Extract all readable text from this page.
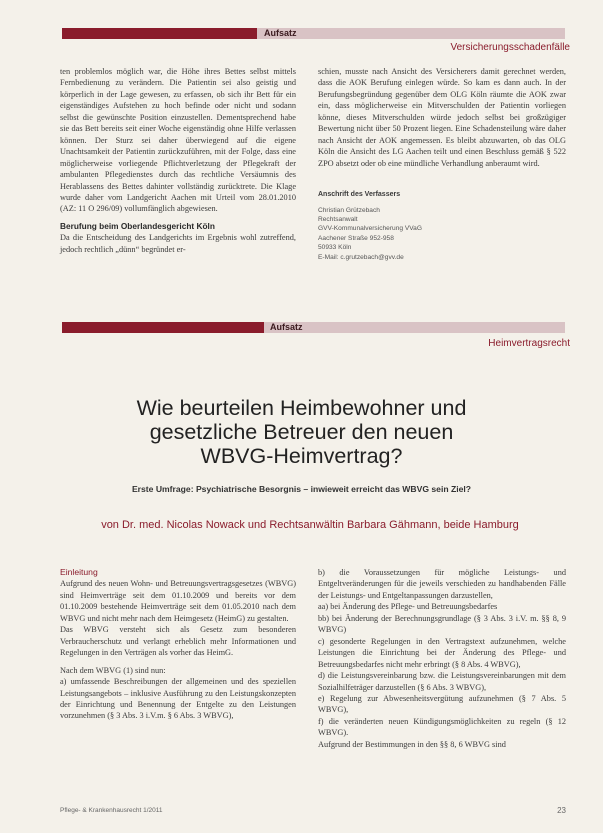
Aufsatz
Versicherungsschadenfälle

ten problemlos möglich war, die Höhe ihres Bettes selbst mittels Fernbedienung zu verändern. Die Patientin sei also geistig und körperlich in der Lage gewesen, zu erfassen, ob sich ihr Bett für ein eigenständiges Aufstehen zu hoch befinde oder nicht und sodann selbst die gewünschte Position einzustellen. Dementsprechend habe sie das Bett bereits seit einer Woche eigenständig ohne Hilfe verlassen können. Der Sturz sei daher überwiegend auf die eigene Unachtsamkeit der Patientin zurückzuführen, mit der Folge, dass eine möglicherweise vorliegende Pflichtverletzung der Pflegekraft der ambulanten Pflegedienstes durch das rechtliche Versäumnis des Herablassens des Bettes dahinter vollständig zurücktrete. Die Klage wurde daher vom Landgericht Aachen mit Urteil vom 28.01.2010 (AZ: 11 O 296/09) vollumfänglich abgewiesen.

Berufung beim Oberlandesgericht Köln

Da die Entscheidung des Landgerichts im Ergebnis wohl zutreffend, jedoch rechtlich „dünn“ begründet er-

schien, musste nach Ansicht des Versicherers damit gerechnet werden, dass die AOK Berufung einlegen würde. So kam es dann auch. In der Berufungsbegründung gegenüber dem OLG Köln räumte die AOK zwar ein, dass möglicherweise ein Mitverschulden der Patientin vorliegen könne, dieses Mitverschulden würde jedoch selbst bei großzügiger Bewertung nicht über 50 Prozent liegen. Eine Schadensteilung wäre daher nach Ansicht der AOK angemessen. Es bleibt abzuwarten, ob das OLG Köln die Ansicht des LG Aachen teilt und einen Beschluss gemäß § 522 ZPO absetzt oder ob eine mündliche Verhandlung anberaumt wird.

Anschrift des Verfassers
Christian Grützebach
Rechtsanwalt
GVV-Kommunalversicherung VVaG
Aachener Straße 952-958
50933 Köln
E-Mail: c.grutzebach@gvv.de
Aufsatz
Heimvertragsrecht
Wie beurteilen Heimbewohner und
gesetzliche Betreuer den neuen
WBVG-Heimvertrag?
Erste Umfrage: Psychiatrische Besorgnis – inwieweit erreicht das WBVG sein Ziel?
von Dr. med. Nicolas Nowack und Rechtsanwältin Barbara Gähmann, beide Hamburg

Einleitung

Aufgrund des neuen Wohn- und Betreuungsvertragsgesetzes (WBVG) sind Heimverträge seit dem 01.10.2009 und bereits vor dem 01.10.2009 bestehende Heimverträge seit dem 01.05.2010 nach dem WBVG und nicht mehr nach dem Heimgesetz (HeimG) zu gestalten.

Das WBVG versteht sich als Gesetz zum besonderen Verbraucherschutz und verlangt erheblich mehr Informationen und Regelungen in den Verträgen als vorher das HeimG.

Nach dem WBVG (1) sind nun:

a) umfassende Beschreibungen der allgemeinen und des speziellen Leistungsangebots – inklusive Ausführung zu den Leistungskonzepten der Einrichtung und Benennung der Entgelte zu den Leistungen vorzunehmen (§ 3 Abs. 3 i.V.m. § 6 Abs. 3 WBVG),

b) die Voraussetzungen für mögliche Leistungs- und Entgeltveränderungen für die jeweils verschieden zu handhabenden Fälle der Leistungs- und Entgeltanpassungen darzustellen,

aa) bei Änderung des Pflege- und Betreuungsbedarfes

bb) bei Änderung der Berechnungsgrundlage (§ 3 Abs. 3 i.V. m. §§ 8, 9 WBVG)

c) gesonderte Regelungen in den Vertragstext aufzunehmen, welche Leistungen die Einrichtung bei der Änderung des Pflege- und Betreuungsbedarfes nicht mehr erbringt (§ 8 Abs. 4 WBVG),

d) die Leistungsvereinbarung bzw. die Leistungsvereinbarungen mit dem Sozialhilfeträger darzustellen (§ 6 Abs. 3 WBVG),

e) Regelung zur Abwesenheitsvergütung aufzunehmen (§ 7 Abs. 5 WBVG),

f) die veränderten neuen Kündigungsmöglichkeiten zu regeln (§ 12 WBVG).

Aufgrund der Bestimmungen in den §§ 8, 6 WBVG sind

Pflege- & Krankenhausrecht 1/2011	23
